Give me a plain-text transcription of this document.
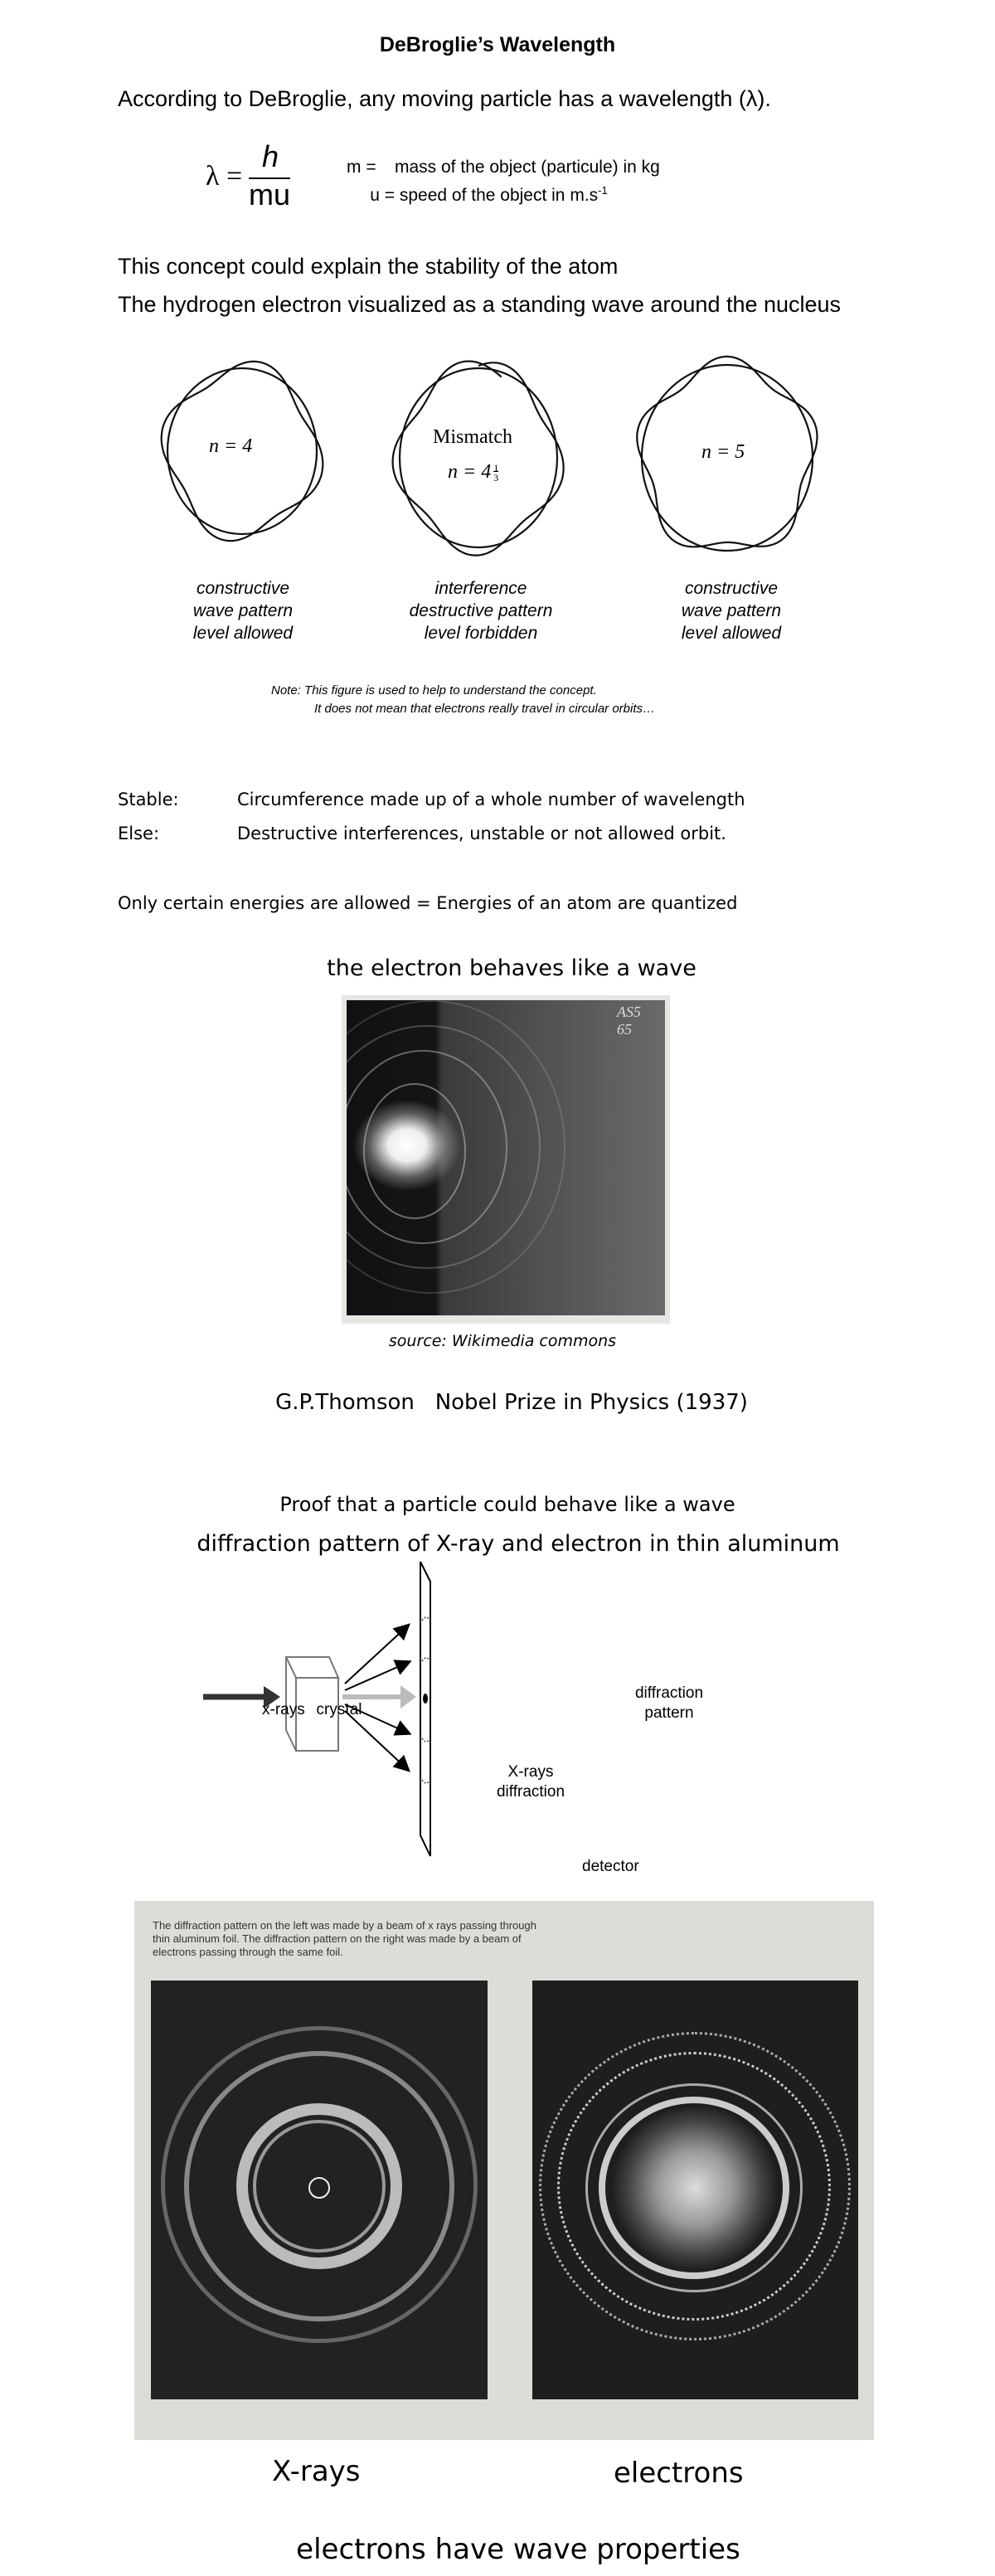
DeBroglie’s Wavelength
According to DeBroglie, any moving particle has a wavelength (λ).
λ =
h
mu
m = mass of the object (particule) in kg
u = speed of the object in $m.s^{-1}$
This concept could explain the stability of the atom
The hydrogen electron visualized as a standing wave around the nucleus
n = 4	Mismatch
$n = 4 \frac{1}{3}$
n = 5
constructive
wave pattern
level allowed
interference
destructive pattern
level forbidden
constructive
wave pattern
level allowed
Note: This figure is used to help to understand the concept.
It does not mean that electrons really travel in circular orbits…
Stable:	Circumference made up of a whole number of wavelength
Else:	Destructive interferences, unstable or not allowed orbit.
Only certain energies are allowed = Energies of an atom are quantized
the electron behaves like a wave
AS5 65
source: Wikimedia commons
G.P.Thomson   Nobel Prize in Physics (1937)
Proof that a particle could behave like a wave
diffraction pattern of X-ray and electron in thin aluminum
x-rays crystal
X-rays
diffraction
diffraction
pattern
detector
The diffraction pattern on the left was made by a beam of x rays passing through
thin aluminum foil. The diffraction pattern on the right was made by a beam of
electrons passing through the same foil.
X-rays	electrons
electrons have wave properties
